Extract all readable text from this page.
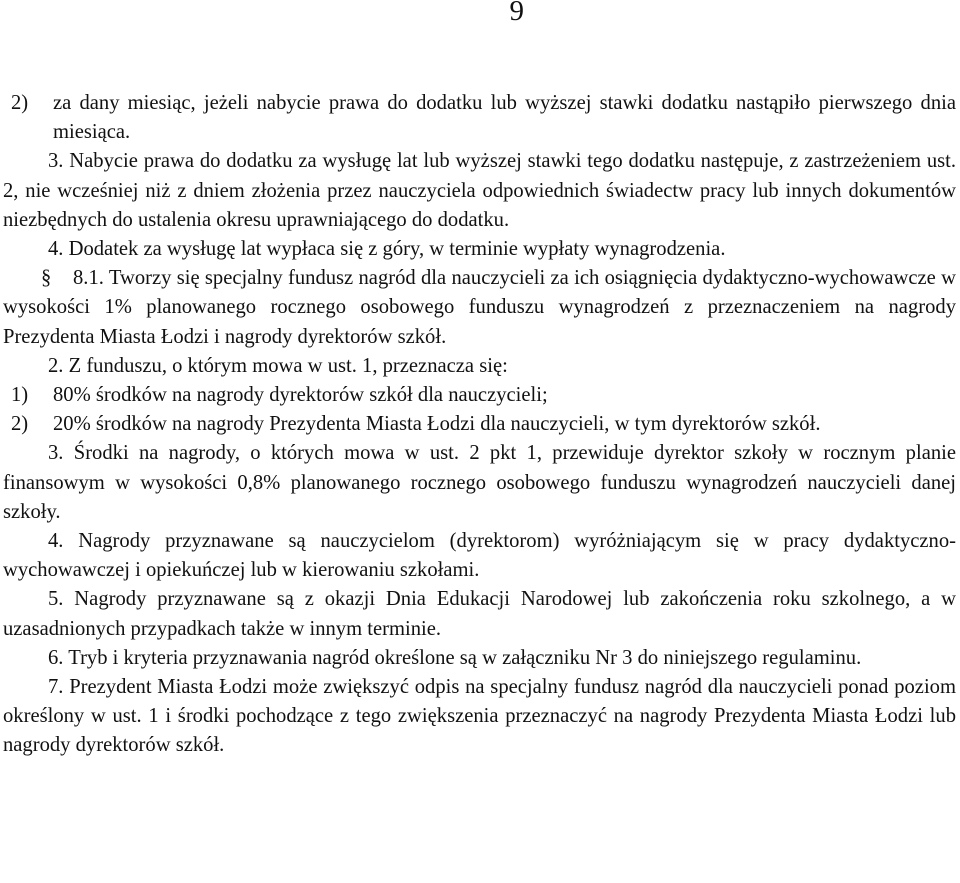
9
2)	za dany miesiąc, jeżeli nabycie prawa do dodatku lub wyższej stawki dodatku nastąpiło pierwszego dnia miesiąca.

3. Nabycie prawa do dodatku za wysługę lat lub wyższej stawki tego dodatku następuje, z zastrzeżeniem ust. 2, nie wcześniej niż z dniem złożenia przez nauczyciela odpowiednich świadectw pracy lub innych dokumentów niezbędnych do ustalenia okresu uprawniającego do dodatku.

4. Dodatek za wysługę lat wypłaca się z góry, w terminie wypłaty wynagrodzenia.

§ 8.1. Tworzy się specjalny fundusz nagród dla nauczycieli za ich osiągnięcia dydaktyczno-wychowawcze w wysokości 1% planowanego rocznego osobowego funduszu wynagrodzeń z przeznaczeniem na nagrody Prezydenta Miasta Łodzi i nagrody dyrektorów szkół.

2. Z funduszu, o którym mowa w ust. 1, przeznacza się:

1)	80% środków na nagrody dyrektorów szkół dla nauczycieli;
2)	20% środków na nagrody Prezydenta Miasta Łodzi dla nauczycieli, w tym dyrektorów szkół.

3. Środki na nagrody, o których mowa w ust. 2 pkt 1, przewiduje dyrektor szkoły w rocznym planie finansowym w wysokości 0,8% planowanego rocznego osobowego funduszu wynagrodzeń nauczycieli danej szkoły.

4. Nagrody przyznawane są nauczycielom (dyrektorom) wyróżniającym się w pracy dydaktyczno-wychowawczej i opiekuńczej lub w kierowaniu szkołami.

5. Nagrody przyznawane są z okazji Dnia Edukacji Narodowej lub zakończenia roku szkolnego, a w uzasadnionych przypadkach także w innym terminie.

6. Tryb i kryteria przyznawania nagród określone są w załączniku Nr 3 do niniejszego regulaminu.

7. Prezydent Miasta Łodzi może zwiększyć odpis na specjalny fundusz nagród dla nauczycieli ponad poziom określony w ust. 1 i środki pochodzące z tego zwiększenia przeznaczyć na nagrody Prezydenta Miasta Łodzi lub nagrody dyrektorów szkół.
